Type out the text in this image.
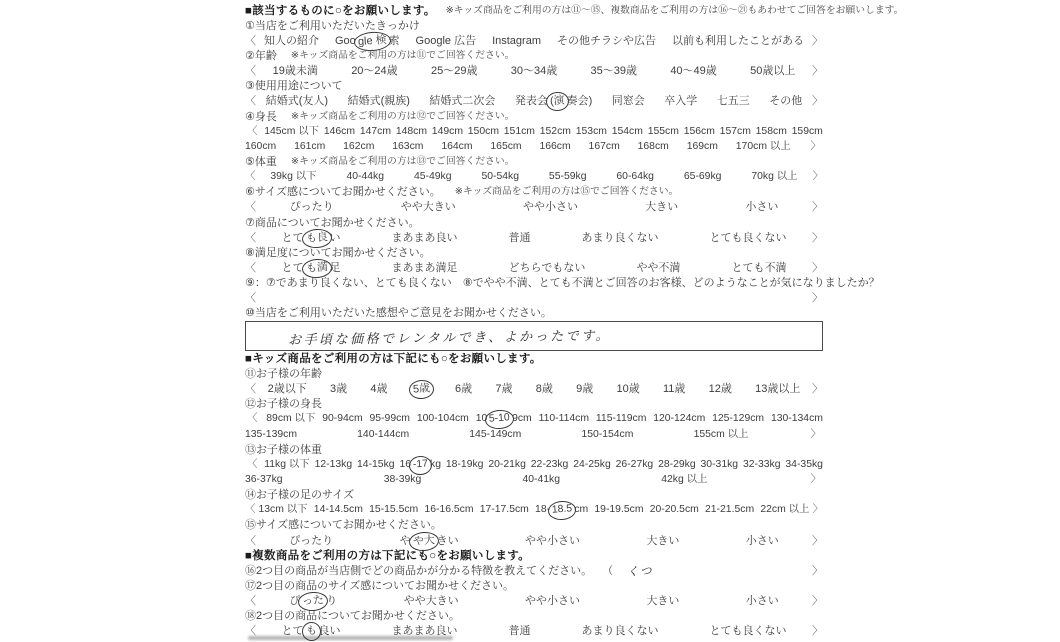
■該当するものに○をお願いします。 ※キッズ商品をご利用の方は⑪～⑮、複数商品をご利用の方は⑯～㉑もあわせてご回答をお願いします。
①当店をご利用いただいたきっかけ
〈 知人の紹介 Goo gle 検 索 Google 広告 Instagram その他チラシや広告 以前も利用したことがある 〉
②年齢 ※キッズ商品をご利用の方は⑪でご回答ください。
〈 19歳未満	20～24歳	25～29歳	30～34歳	35～39歳	40～49歳	50歳以上 〉
③使用用途について
〈 結婚式(友人) 結婚式(親族) 結婚式二次会 発表会 (演 奏会) 同窓会 卒入学 七五三 その他 〉
④身長 ※キッズ商品をご利用の方は⑫でご回答ください。
〈 145cm 以下 146cm 147cm 148cm 149cm 150cm 151cm 152cm 153cm 154cm 155cm 156cm 157cm 158cm 159cm
160cm 161cm 162cm 163cm 164cm 165cm 166cm 167cm 168cm 169cm 170cm 以上 〉
⑤体重 ※キッズ商品をご利用の方は⑬でご回答ください。
〈 39kg 以下	40-44kg	45-49kg	50-54kg	55-59kg	60-64kg	65-69kg	70kg 以上 〉
⑥サイズ感についてお聞かせください。 ※キッズ商品をご利用の方は⑮でご回答ください。
〈	ぴったり	やや大きい	やや小さい	大きい	小さい	〉
⑦商品についてお聞かせください。
〈 とて も良 い	まあまあ良い	普通	あまり良くない	とても良くない 〉
⑧満足度についてお聞かせください。
〈 とて も満 足	まあまあ満足	どちらでもない	やや不満	とても不満 〉
⑨：⑦であまり良くない、とても良くない　⑧でやや不満、とても不満とご回答のお客様、どのようなことが気になりましたか？
〈	〉
⑩当店をご利用いただいた感想やご意見をお聞かせください。
お手頃な価格でレンタルでき、よかったです。
■キッズ商品をご利用の方は下記にも○をお願いします。
⑪お子様の年齢
〈 2歳以下 3歳 4歳 5歳 6歳 7歳 8歳 9歳 10歳 11歳 12歳 13歳以上 〉
⑫お子様の身長
〈 89cm 以下 90-94cm 95-99cm 100-104cm 10 5-10 9cm 110-114cm 115-119cm 120-124cm 125-129cm 130-134cm
135-139cm	140-144cm	145-149cm	150-154cm	155cm 以上	〉
⑬お子様の体重
〈 11kg 以下 12-13kg 14-15kg 16 -17 kg 18-19kg 20-21kg 22-23kg 24-25kg 26-27kg 28-29kg 30-31kg 32-33kg 34-35kg
36-37kg	38-39kg	40-41kg	42kg 以上	〉
⑭お子様の足のサイズ
〈 13cm 以下 14-14.5cm 15-15.5cm 16-16.5cm 17-17.5cm 18- 18.5 cm 19-19.5cm 20-20.5cm 21-21.5cm 22cm 以上 〉
⑮サイズ感についてお聞かせください。
〈	ぴったり	や や大 きい	やや小さい	大きい	小さい	〉
■複数商品をご利用の方は下記にも○をお願いします。
⑯2つ目の商品が当店側でどの商品かが分かる特徴を教えてください。 （ くつ	〉
⑰2つ目の商品のサイズ感についてお聞かせください。
〈	ぴ った り	やや大きい	やや小さい	大きい	小さい	〉
⑱2つ目の商品についてお聞かせください。
〈 とて も 良い	まあまあ良い	普通	あまり良くない	とても良くない 〉
